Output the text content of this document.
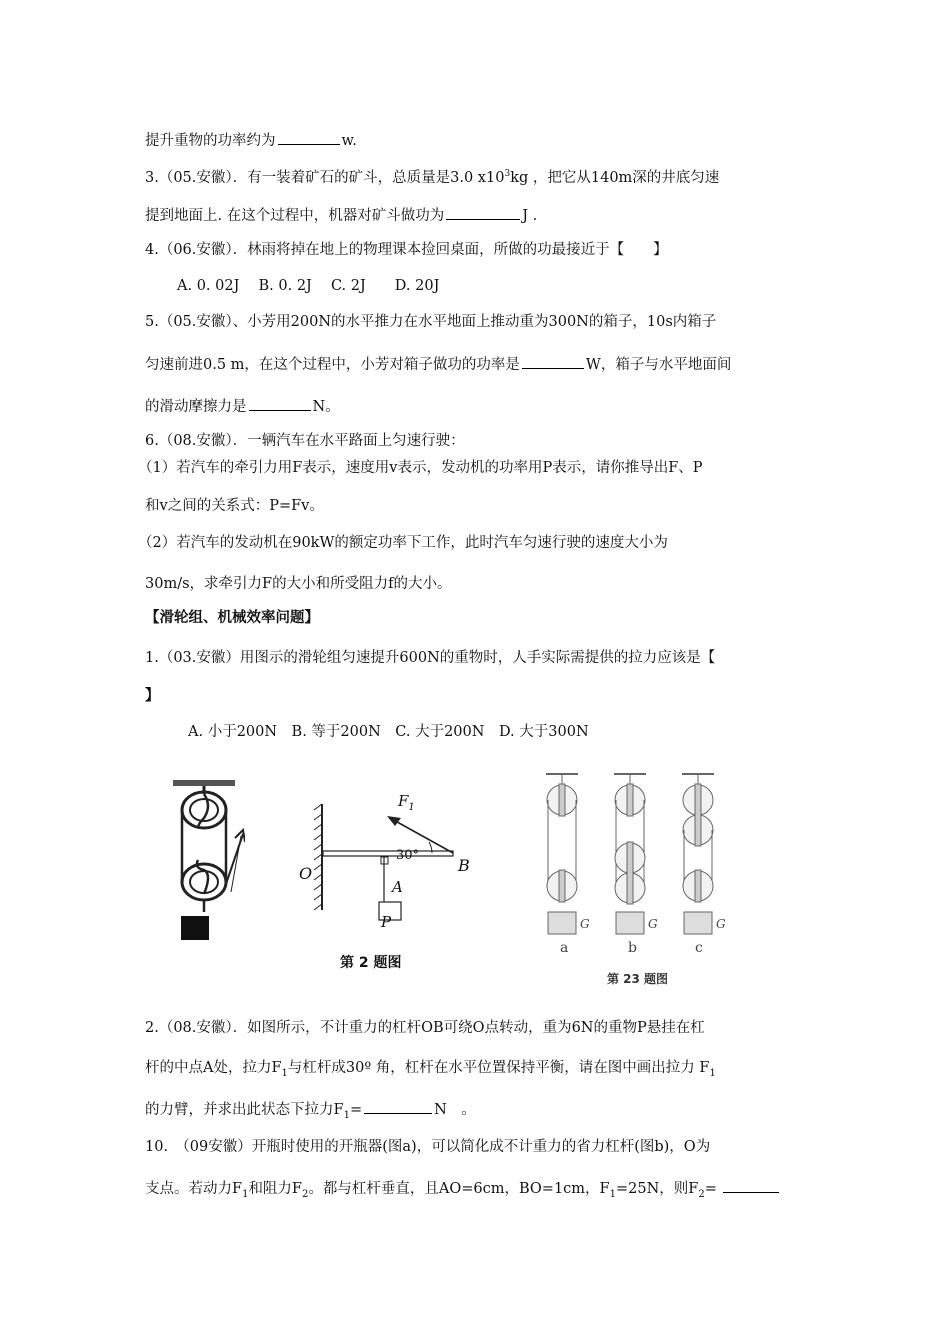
提升重物的功率约为	w.
3.（05.安徽）．有一装着矿石的矿斗，总质量是3.0 $x10^3kg$ ，把它从140m深的井底匀速
提到地面上. 在这个过程中，机器对矿斗做功为	J .
4.（06.安徽）．林雨将掉在地上的物理课本捡回桌面，所做的功最接近于【　　】
A. 0. 02J　 B. 0. 2J　 C. 2J　　D. 20J
5.（05.安徽）、小芳用200N的水平推力在水平地面上推动重为300N的箱子，10s内箱子
匀速前进0.5 m，在这个过程中，小芳对箱子做功的功率是	W，箱子与水平地面间
的滑动摩擦力是	N。
6.（08.安徽）．一辆汽车在水平路面上匀速行驶：
（1）若汽车的牵引力用F表示，速度用v表示，发动机的功率用P表示，请你推导出F、P
和v之间的关系式：P=Fv。
（2）若汽车的发动机在90kW的额定功率下工作，此时汽车匀速行驶的速度大小为
30m/s，求牵引力F的大小和所受阻力f的大小。
【滑轮组、机械效率问题】
1.（03.安徽）用图示的滑轮组匀速提升600N的重物时，人手实际需提供的拉力应该是【
】
A. 小于200N　B. 等于200N　C. 大于200N　D. 大于300N
$F_1$
30°
O	B
A
P
第 2 题图
G	G	G
a	b	c
第 23 题图
2.（08.安徽）．如图所示，不计重力的杠杆OB可绕O点转动，重为6N的重物P悬挂在杠
杆的中点A处，拉力$F_1$与杠杆成30º 角，杠杆在水平位置保持平衡，请在图中画出拉力 $F_1$
的力臂，并求出此状态下拉力$F_1=$	N　。
10.　（09安徽）开瓶时使用的开瓶器(图a)，可以简化成不计重力的省力杠杆(图b)，O为
支点。若动力$F_1$和阻力$F_2$。都与杠杆垂直，且AO=6cm，BO=1cm，$F_1=25N$，则$F_2=$
